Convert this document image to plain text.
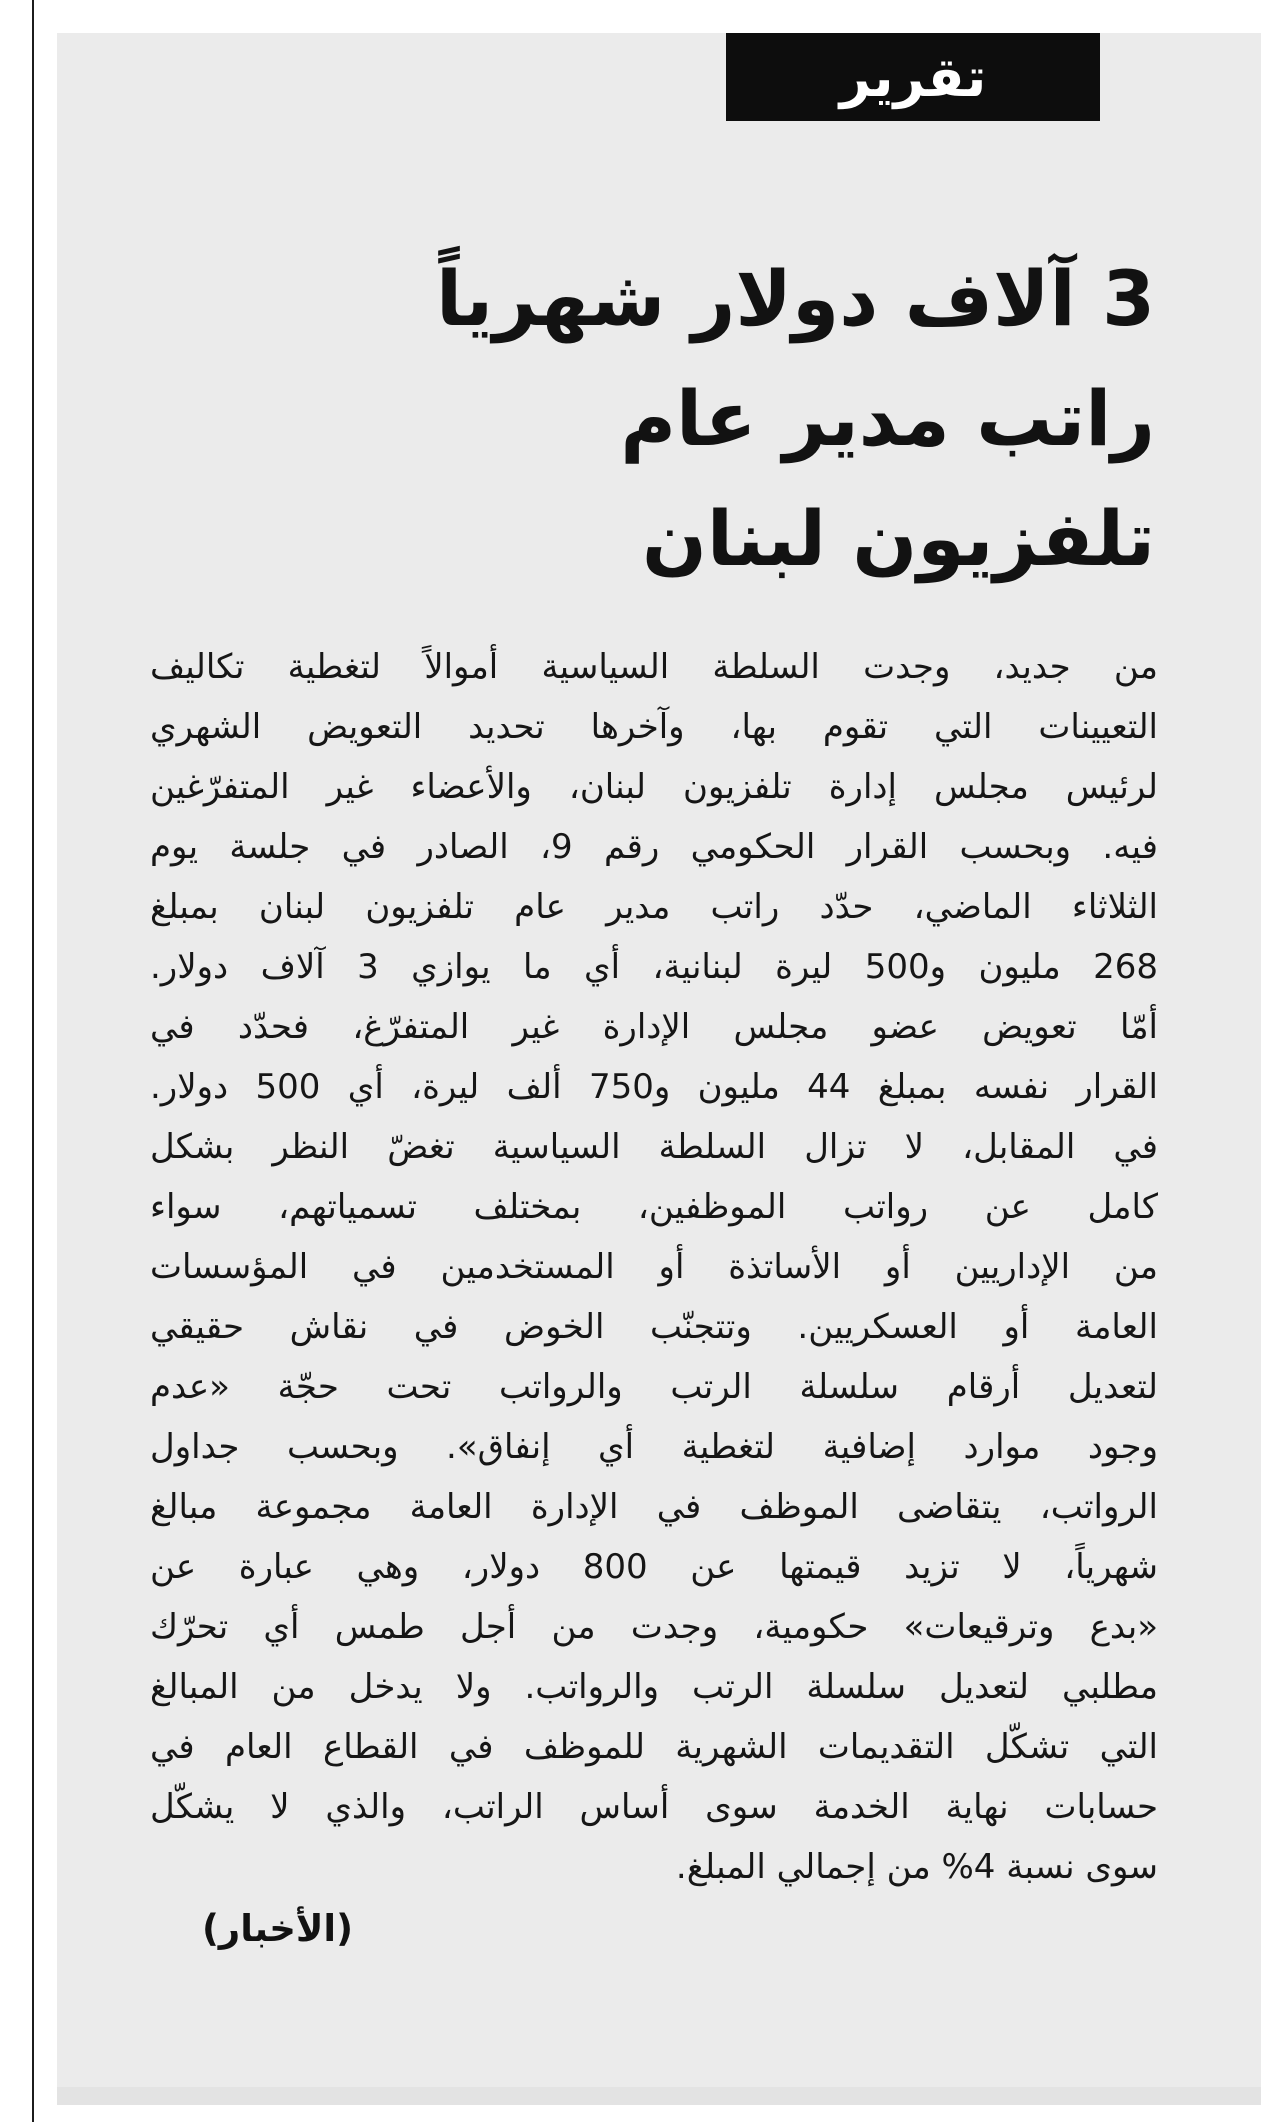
تقرير
3 آلاف دولار شهرياً
راتب مدير عام
تلفزيون لبنان
من جديد، وجدت السلطة السياسية أموالاً لتغطية تكاليف
التعيينات التي تقوم بها، وآخرها تحديد التعويض الشهري
لرئيس مجلس إدارة تلفزيون لبنان، والأعضاء غير المتفرّغين
فيه. وبحسب القرار الحكومي رقم 9، الصادر في جلسة يوم
الثلاثاء الماضي، حدّد راتب مدير عام تلفزيون لبنان بمبلغ
268 مليون و500 ليرة لبنانية، أي ما يوازي 3 آلاف دولار.
أمّا تعويض عضو مجلس الإدارة غير المتفرّغ، فحدّد في
القرار نفسه بمبلغ 44 مليون و750 ألف ليرة، أي 500 دولار.
في المقابل، لا تزال السلطة السياسية تغضّ النظر بشكل
كامل عن رواتب الموظفين، بمختلف تسمياتهم، سواء
من الإداريين أو الأساتذة أو المستخدمين في المؤسسات
العامة أو العسكريين. وتتجنّب الخوض في نقاش حقيقي
لتعديل أرقام سلسلة الرتب والرواتب تحت حجّة «عدم
وجود موارد إضافية لتغطية أي إنفاق». وبحسب جداول
الرواتب، يتقاضى الموظف في الإدارة العامة مجموعة مبالغ
شهرياً، لا تزيد قيمتها عن 800 دولار، وهي عبارة عن
«بدع وترقيعات» حكومية، وجدت من أجل طمس أي تحرّك
مطلبي لتعديل سلسلة الرتب والرواتب. ولا يدخل من المبالغ
التي تشكّل التقديمات الشهرية للموظف في القطاع العام في
حسابات نهاية الخدمة سوى أساس الراتب، والذي لا يشكّل
سوى نسبة 4% من إجمالي المبلغ.
(الأخبار)
